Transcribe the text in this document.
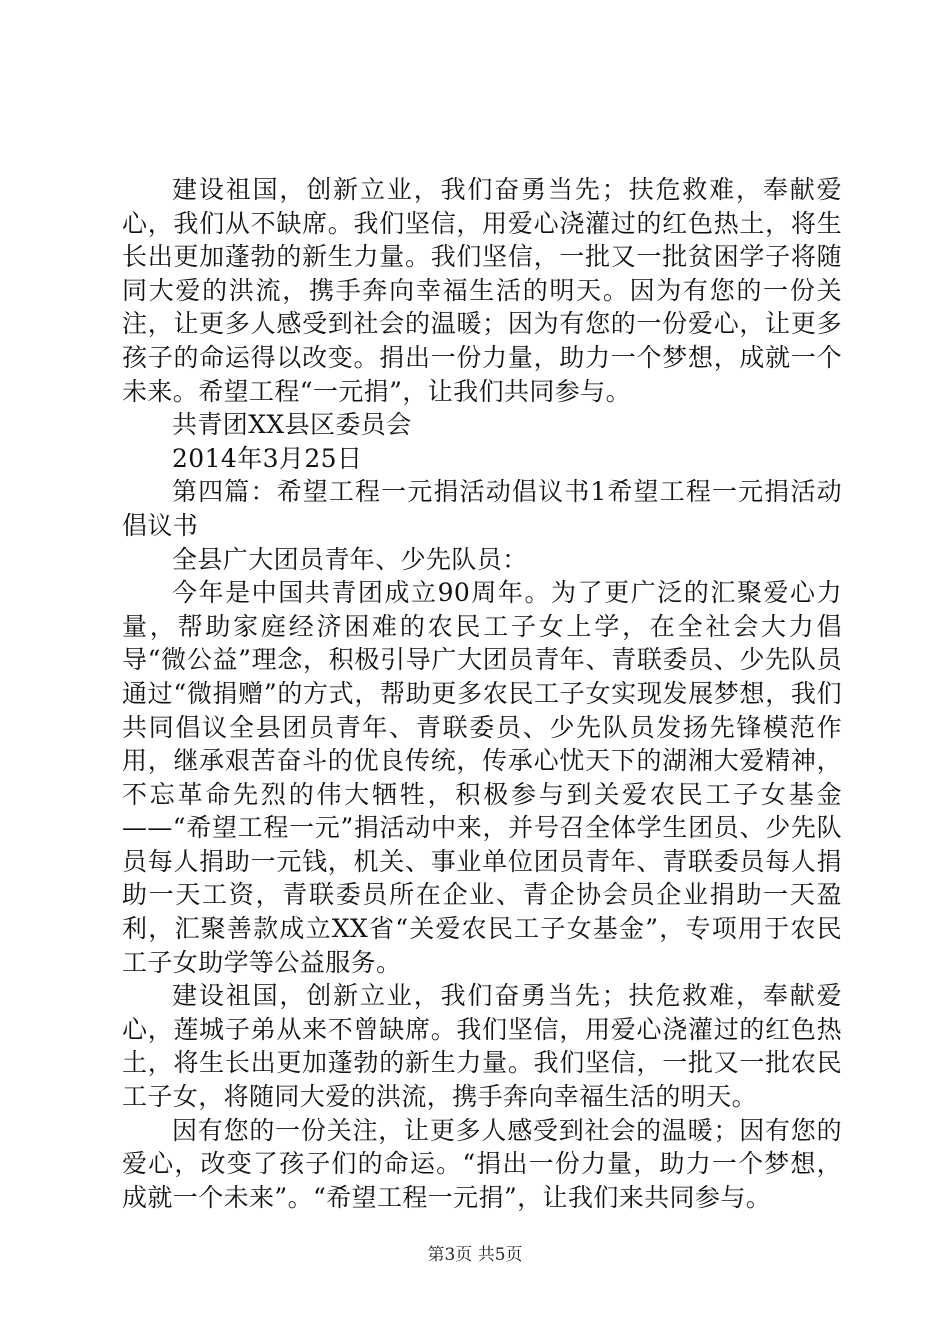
建设祖国，创新立业，我们奋勇当先；扶危救难，奉献爱心，我们从不缺席。我们坚信，用爱心浇灌过的红色热土，将生长出更加蓬勃的新生力量。我们坚信，一批又一批贫困学子将随同大爱的洪流，携手奔向幸福生活的明天。因为有您的一份关注，让更多人感受到社会的温暖；因为有您的一份爱心，让更多孩子的命运得以改变。捐出一份力量，助力一个梦想，成就一个未来。希望工程“一元捐”，让我们共同参与。

共青团XX县区委员会

2014年3月25日

第四篇：希望工程一元捐活动倡议书1希望工程一元捐活动倡议书

全县广大团员青年、少先队员：

今年是中国共青团成立90周年。为了更广泛的汇聚爱心力量，帮助家庭经济困难的农民工子女上学，在全社会大力倡导“微公益”理念，积极引导广大团员青年、青联委员、少先队员通过“微捐赠”的方式，帮助更多农民工子女实现发展梦想，我们共同倡议全县团员青年、青联委员、少先队员发扬先锋模范作用，继承艰苦奋斗的优良传统，传承心忧天下的湖湘大爱精神，不忘革命先烈的伟大牺牲，积极参与到关爱农民工子女基金——“希望工程一元”捐活动中来，并号召全体学生团员、少先队员每人捐助一元钱，机关、事业单位团员青年、青联委员每人捐助一天工资，青联委员所在企业、青企协会员企业捐助一天盈利，汇聚善款成立XX省“关爱农民工子女基金”，专项用于农民工子女助学等公益服务。

建设祖国，创新立业，我们奋勇当先；扶危救难，奉献爱心，莲城子弟从来不曾缺席。我们坚信，用爱心浇灌过的红色热土，将生长出更加蓬勃的新生力量。我们坚信，一批又一批农民工子女，将随同大爱的洪流，携手奔向幸福生活的明天。

因有您的一份关注，让更多人感受到社会的温暖；因有您的爱心，改变了孩子们的命运。“捐出一份力量，助力一个梦想，成就一个未来”。“希望工程一元捐”，让我们来共同参与。

第3页 共5页
